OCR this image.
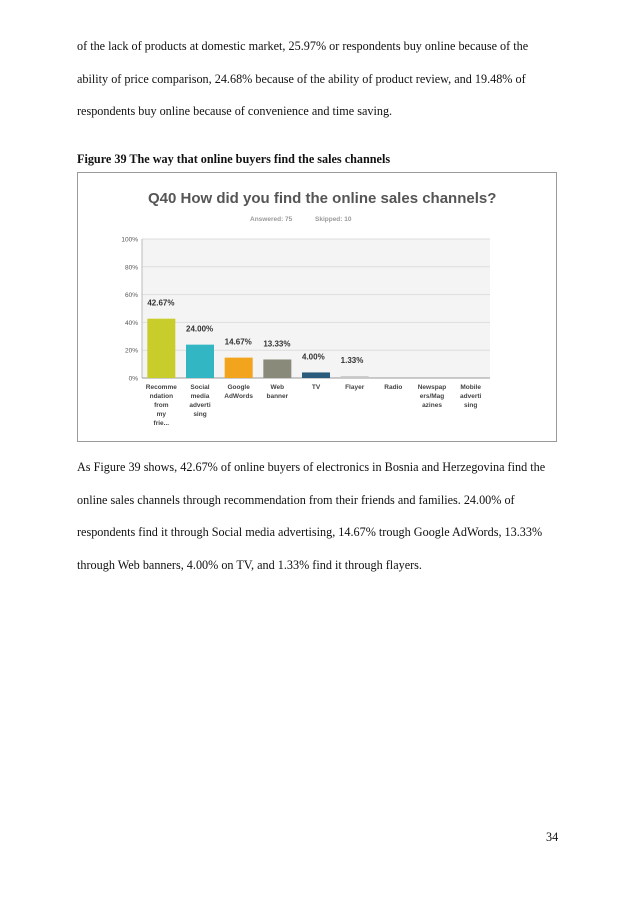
of the lack of products at domestic market, 25.97% or respondents buy online because of the
ability of price comparison, 24.68% because of the ability of product review, and 19.48% of
respondents buy online because of convenience and time saving.
Figure 39 The way that online buyers find the sales channels
Q40 How did you find the online sales channels?
Answered: 75	Skipped: 10
0%
20%
40%
60%
80%
100%
42.67%
Recomme ndation from my frie...
24.00%
Social media adverti sing
14.67%
Google AdWords
13.33%
Web banner
4.00%
TV
1.33%
Flayer	Radio Newspap ers/Mag azines
Mobile adverti sing
As Figure 39 shows, 42.67% of online buyers of electronics in Bosnia and Herzegovina find the
online sales channels through recommendation from their friends and families. 24.00% of
respondents find it through Social media advertising, 14.67% trough Google AdWords, 13.33%
through Web banners, 4.00% on TV, and 1.33% find it through flayers.
34
